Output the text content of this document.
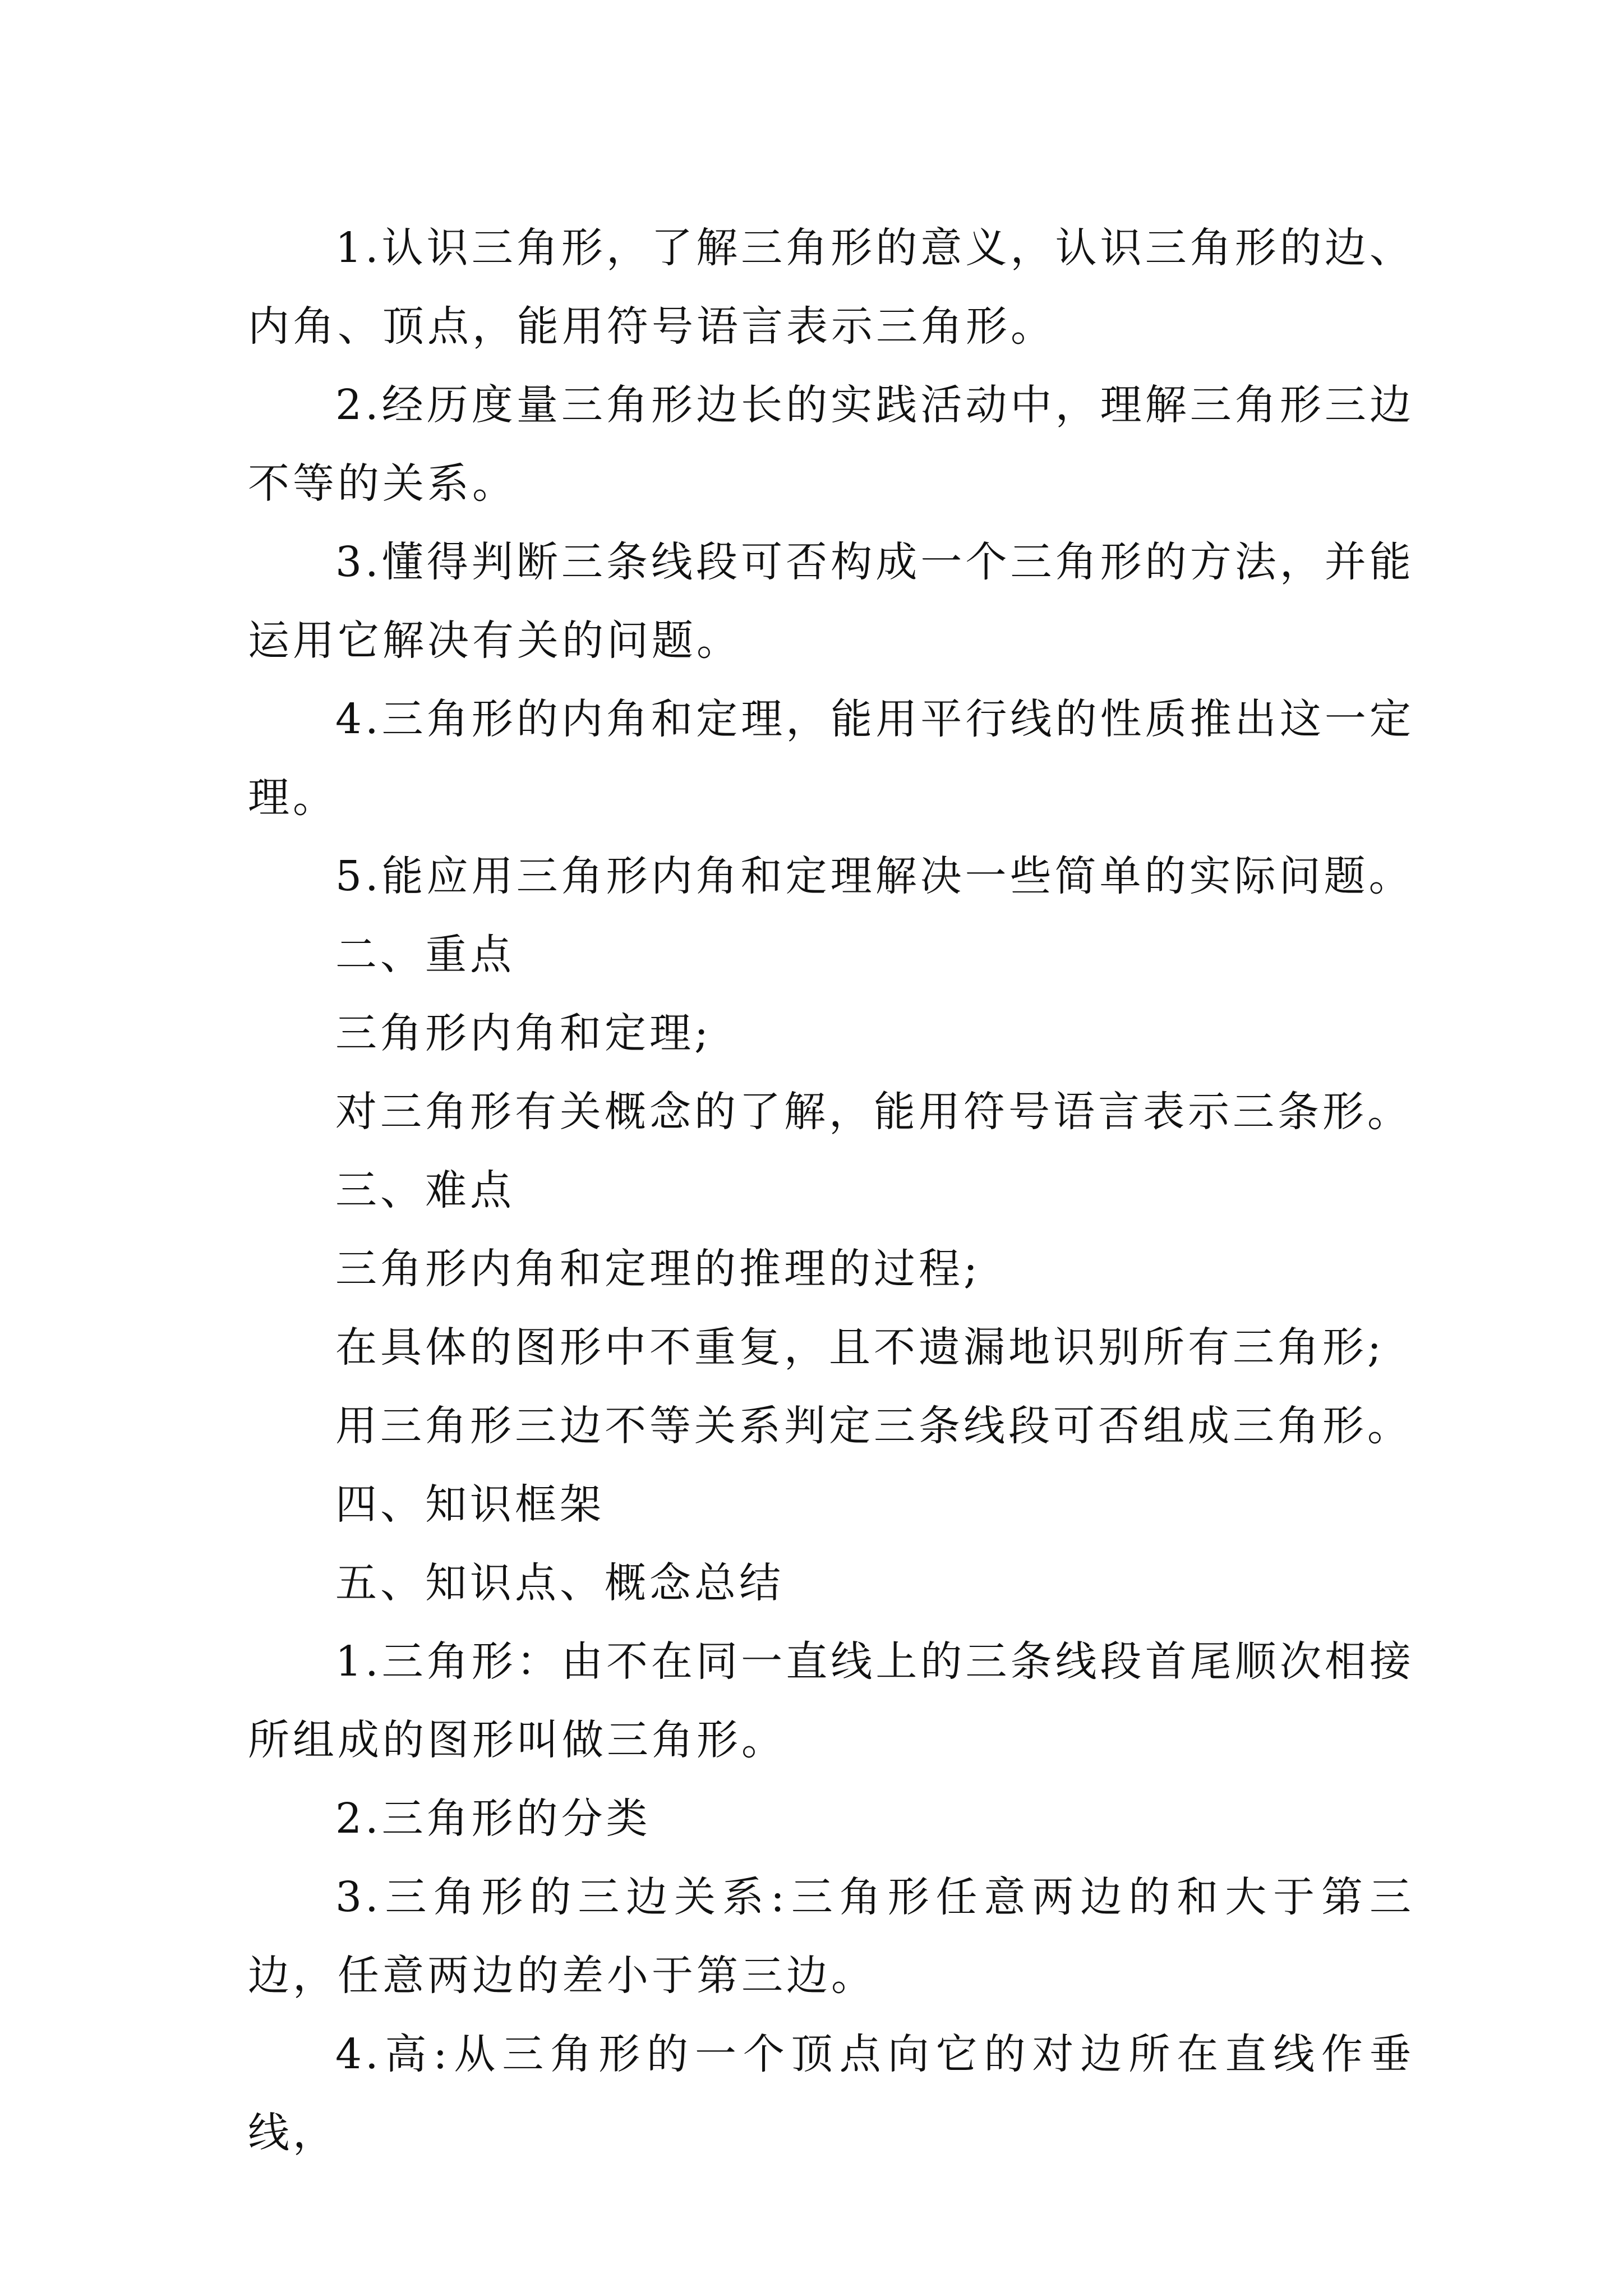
1.认识三角形，了解三角形的意义，认识三角形的边、内角、顶点，能用符号语言表示三角形。

2.经历度量三角形边长的实践活动中，理解三角形三边不等的关系。

3.懂得判断三条线段可否构成一个三角形的方法，并能运用它解决有关的问题。

4.三角形的内角和定理，能用平行线的性质推出这一定理。

5.能应用三角形内角和定理解决一些简单的实际问题。

二、重点

三角形内角和定理;

对三角形有关概念的了解，能用符号语言表示三条形。

三、难点

三角形内角和定理的推理的过程;

在具体的图形中不重复，且不遗漏地识别所有三角形;

用三角形三边不等关系判定三条线段可否组成三角形。

四、知识框架

五、知识点、概念总结

1.三角形：由不在同一直线上的三条线段首尾顺次相接所组成的图形叫做三角形。

2.三角形的分类

3.三角形的三边关系:三角形任意两边的和大于第三边，任意两边的差小于第三边。

4.高:从三角形的一个顶点向它的对边所在直线作垂线，
